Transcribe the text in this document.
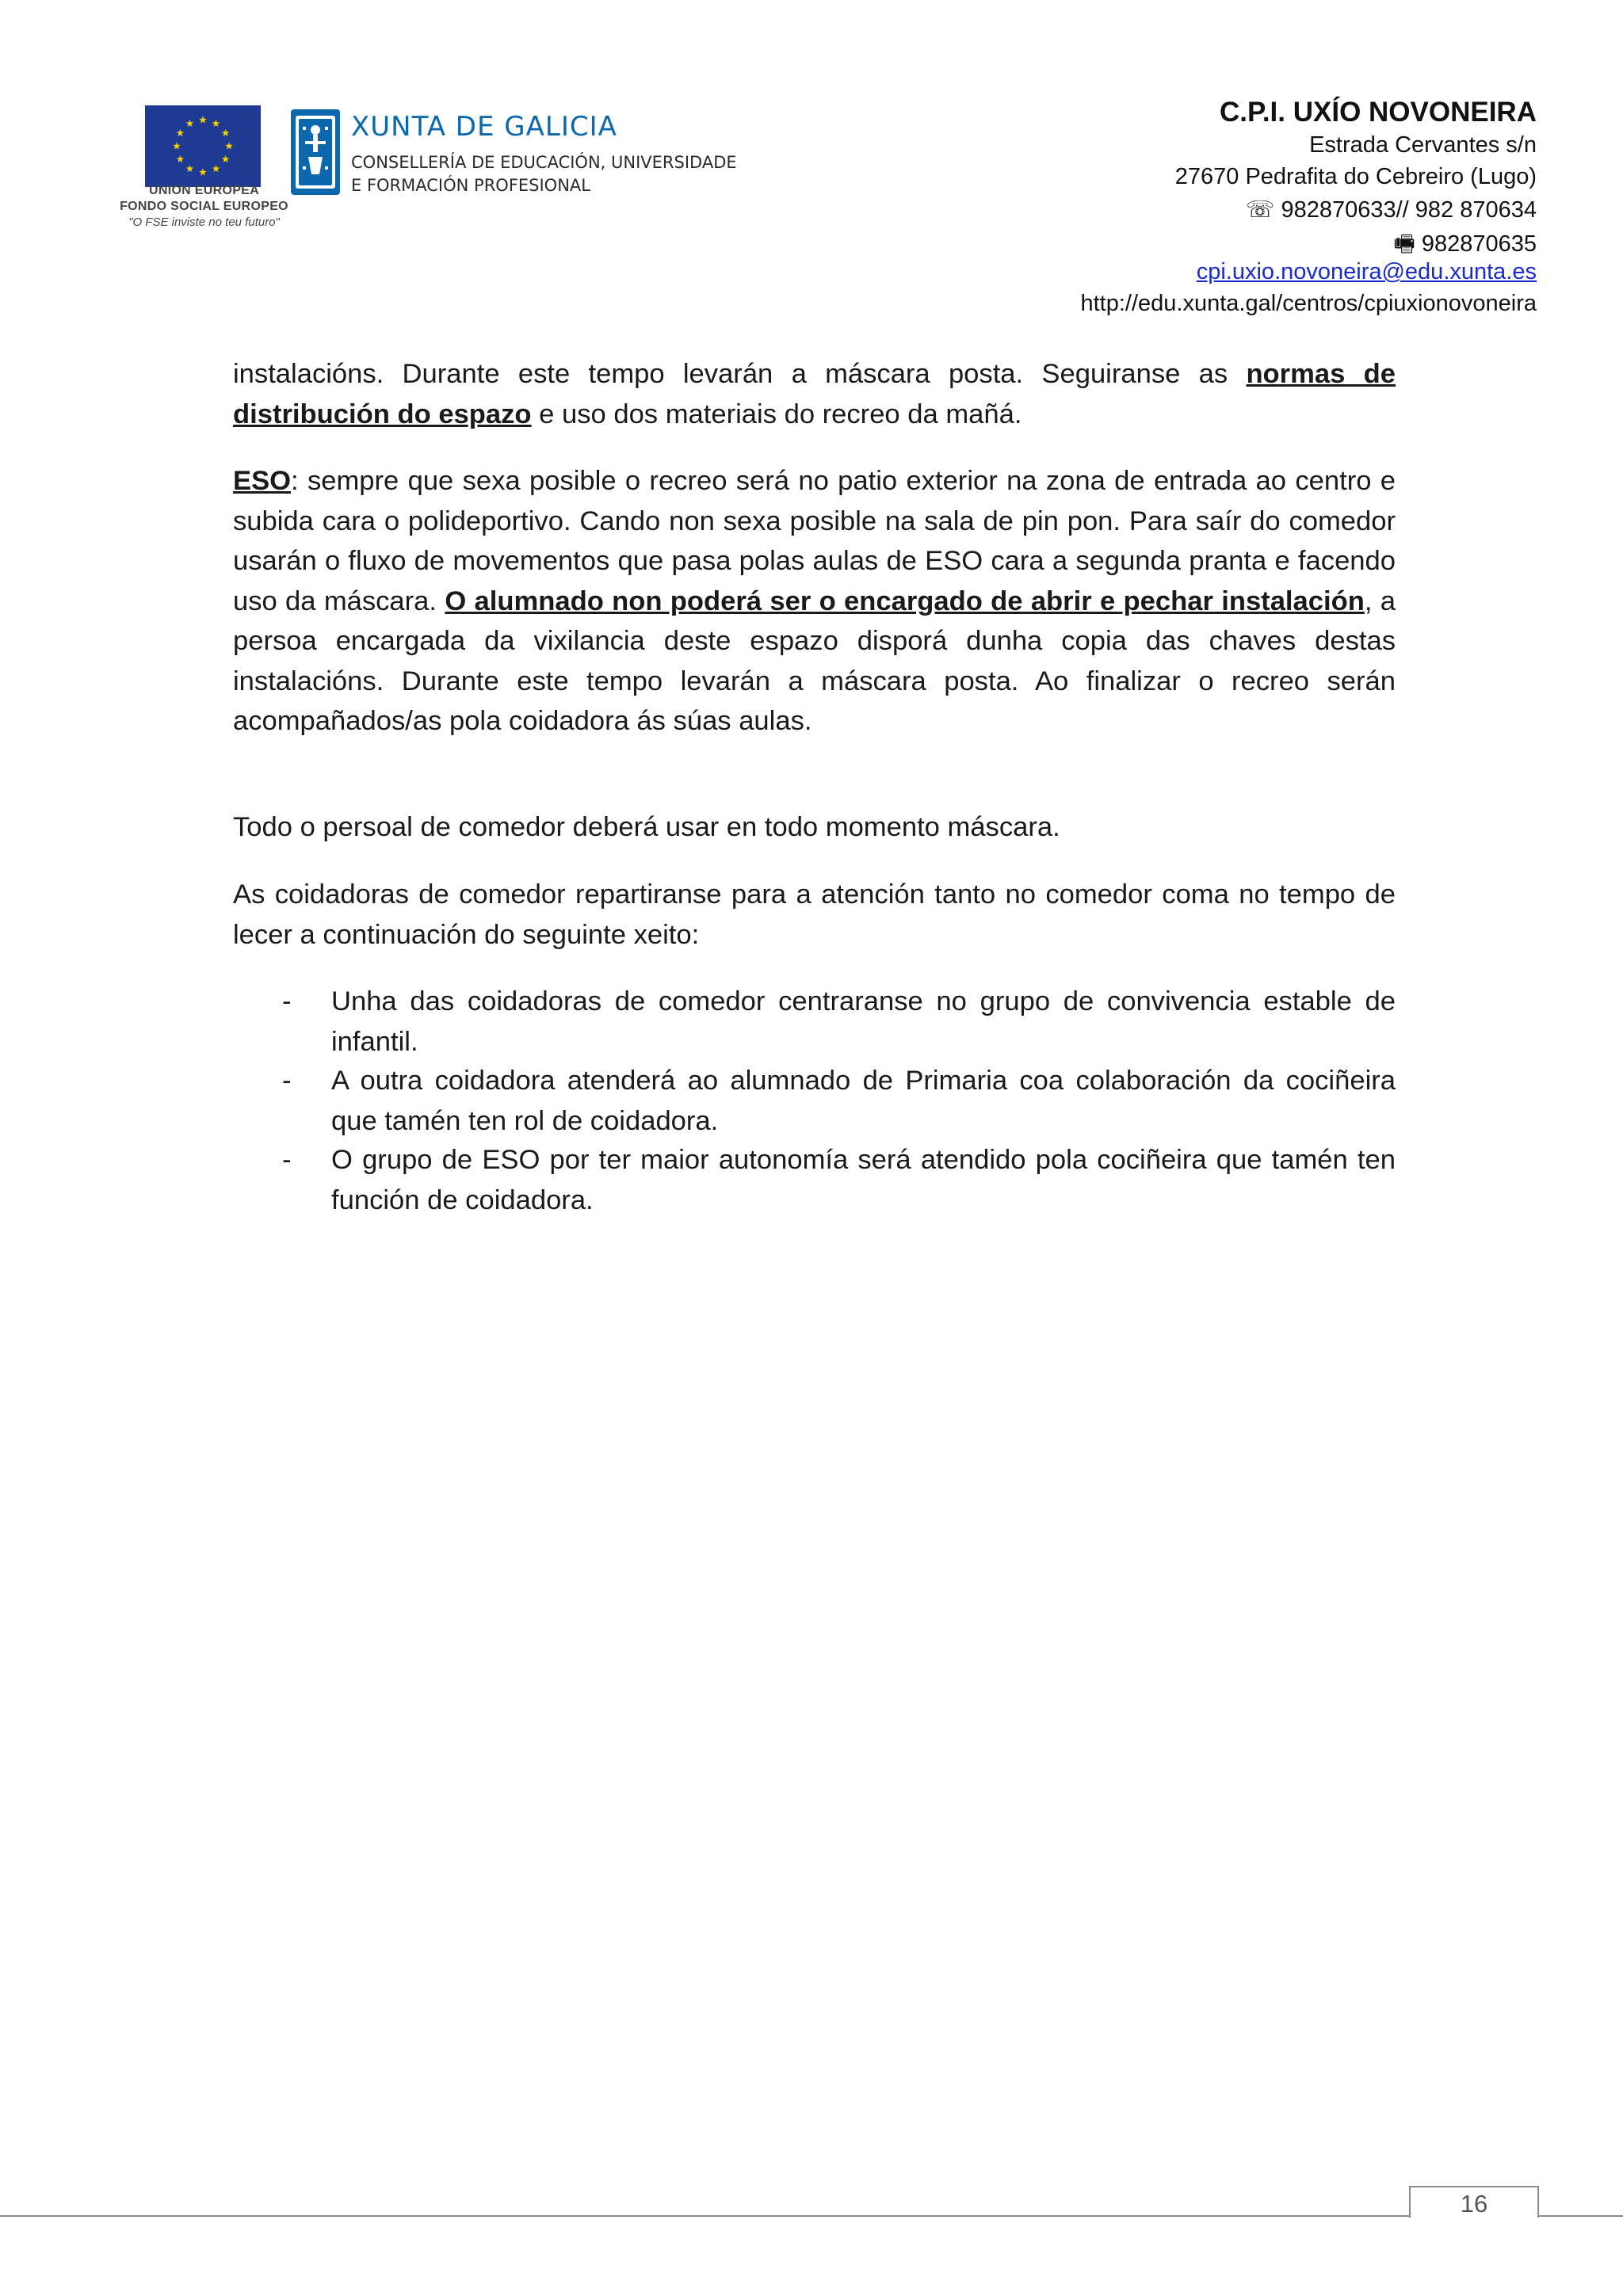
UNIÓN EUROPEA
FONDO SOCIAL EUROPEO
"O FSE inviste no teu futuro"
XUNTA DE GALICIA
CONSELLERÍA DE EDUCACIÓN, UNIVERSIDADE
E FORMACIÓN PROFESIONAL
C.P.I. UXÍO NOVONEIRA
Estrada Cervantes s/n
27670 Pedrafita do Cebreiro (Lugo)
☏ 982870633// 982 870634
🖷 982870635
cpi.uxio.novoneira@edu.xunta.es
http://edu.xunta.gal/centros/cpiuxionovoneira
instalacións. Durante este tempo levarán a máscara posta. Seguiranse as normas de distribución do espazo e uso dos materiais do recreo da mañá.
ESO: sempre que sexa posible o recreo será no patio exterior na zona de entrada ao centro e subida cara o polideportivo. Cando non sexa posible na sala de pin pon. Para saír do comedor usarán o fluxo de movementos que pasa polas aulas de ESO cara a segunda pranta e facendo uso da máscara. O alumnado non poderá ser o encargado de abrir e pechar instalación, a persoa encargada da vixilancia deste espazo disporá dunha copia das chaves destas instalacións. Durante este tempo levarán a máscara posta. Ao finalizar o recreo serán acompañados/as pola coidadora ás súas aulas.
Todo o persoal de comedor deberá usar en todo momento máscara.
As coidadoras de comedor repartiranse para a atención tanto no comedor coma no tempo de lecer a continuación do seguinte xeito:
- Unha das coidadoras de comedor centraranse no grupo de convivencia estable de infantil.
- A outra coidadora atenderá ao alumnado de Primaria coa colaboración da cociñeira que tamén ten rol de coidadora.
- O grupo de ESO por ter maior autonomía será atendido pola cociñeira que tamén ten función de coidadora.
16
